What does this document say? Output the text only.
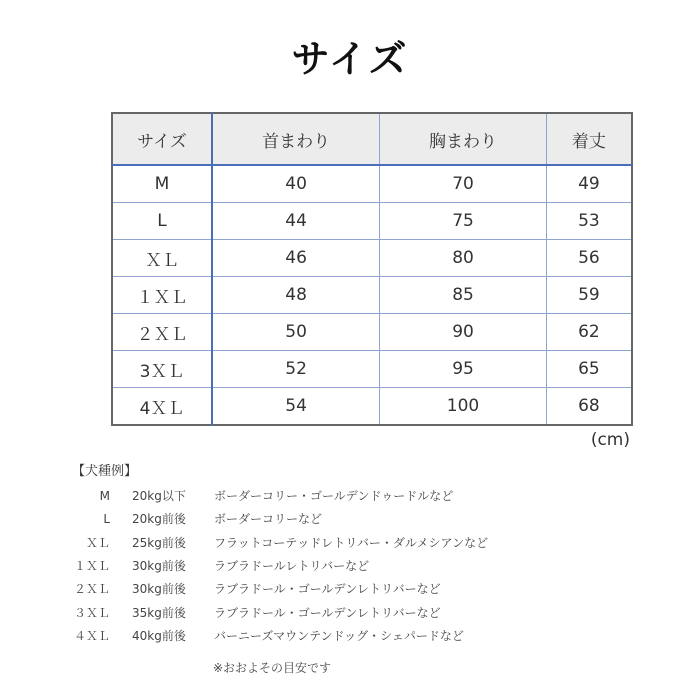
サイズ
サイズ	首まわり	胸まわり	着丈
M	40	70	49
L	44	75	53
ＸＬ	46	80	56
１ＸＬ	48	85	59
２ＸＬ	50	90	62
3ＸＬ	52	95	65
4ＸＬ	54	100	68
(cm)
【犬種例】
M	20kg以下	ボーダーコリー・ゴールデンドゥードルなど
L	20kg前後	ボーダーコリーなど
ＸＬ	25kg前後	フラットコーテッドレトリバー・ダルメシアンなど
１ＸＬ	30kg前後	ラブラドールレトリバーなど
２ＸＬ	30kg前後	ラブラドール・ゴールデンレトリバーなど
３ＸＬ	35kg前後	ラブラドール・ゴールデンレトリバーなど
４ＸＬ	40kg前後	バーニーズマウンテンドッグ・シェパードなど
※おおよその目安です
